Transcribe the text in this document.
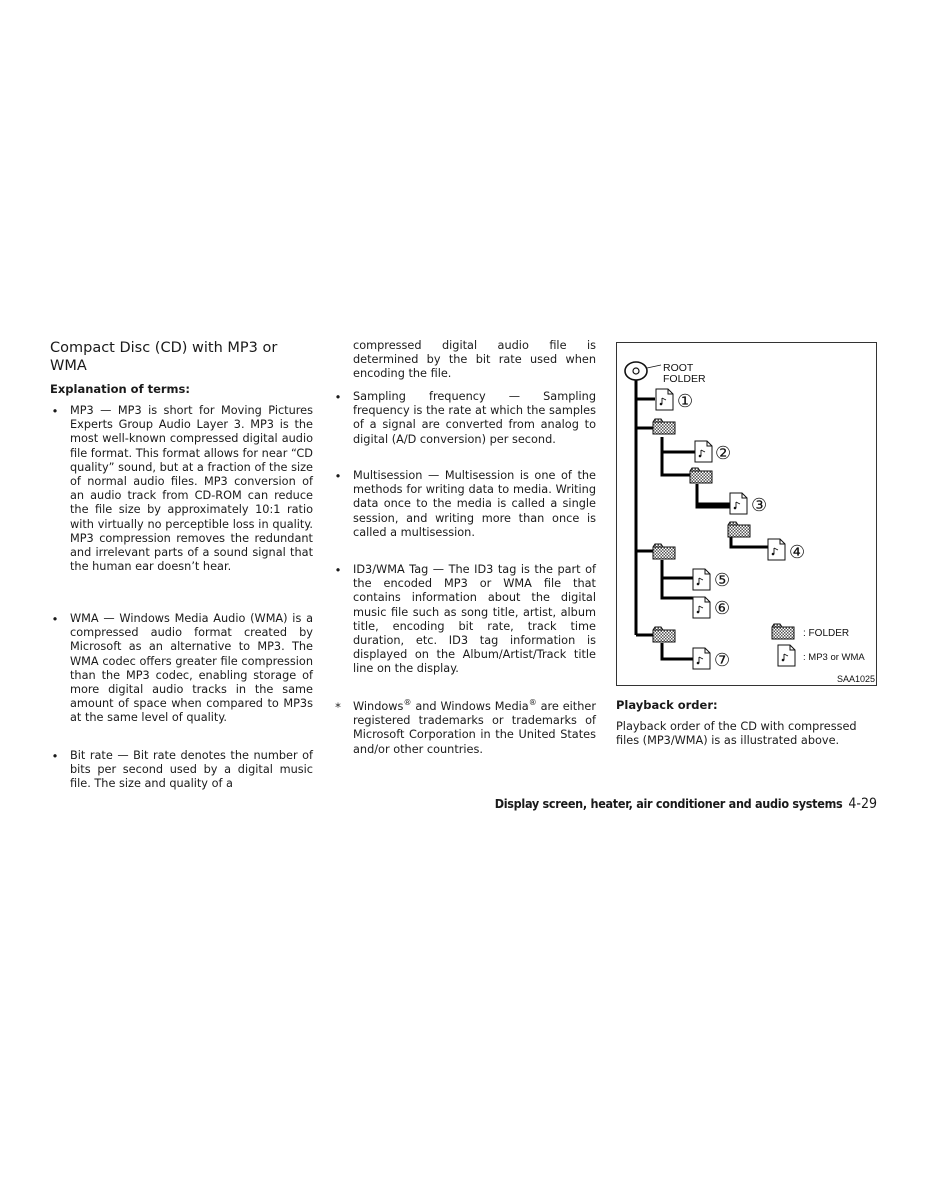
Compact Disc (CD) with MP3 or WMA
Explanation of terms:
• MP3 — MP3 is short for Moving Pictures Experts Group Audio Layer 3. MP3 is the most well-known compressed digital audio file format. This format allows for near “CD quality” sound, but at a fraction of the size of normal audio files. MP3 conversion of an audio track from CD-ROM can reduce the file size by approximately 10:1 ratio with virtually no perceptible loss in quality. MP3 compression removes the redundant and irrelevant parts of a sound signal that the human ear doesn’t hear.
• WMA — Windows Media Audio (WMA) is a compressed audio format created by Microsoft as an alternative to MP3. The WMA codec offers greater file compression than the MP3 codec, enabling storage of more digital audio tracks in the same amount of space when compared to MP3s at the same level of quality.
• Bit rate — Bit rate denotes the number of bits per second used by a digital music file. The size and quality of a
compressed digital audio file is determined by the bit rate used when encoding the file.
• Sampling frequency — Sampling frequency is the rate at which the samples of a signal are converted from analog to digital (A/D conversion) per second.
• Multisession — Multisession is one of the methods for writing data to media. Writing data once to the media is called a single session, and writing more than once is called a multisession.
• ID3/WMA Tag — The ID3 tag is the part of the encoded MP3 or WMA file that contains information about the digital music file such as song title, artist, album title, encoding bit rate, track time duration, etc. ID3 tag information is displayed on the Album/Artist/Track title line on the display.
* Windows® and Windows Media® are either registered trademarks or trademarks of Microsoft Corporation in the United States and/or other countries.
ROOT
FOLDER
①
②
③
④
⑤
⑥
⑦
: FOLDER
: MP3 or WMA
SAA1025
Playback order:
Playback order of the CD with compressed files (MP3/WMA) is as illustrated above.
Display screen, heater, air conditioner and audio systems 4-29
